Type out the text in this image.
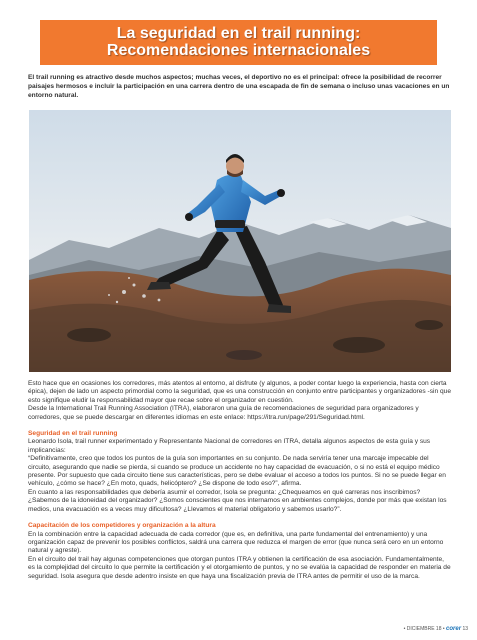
La seguridad en el trail running:
Recomendaciones internacionales
El trail running es atractivo desde muchos aspectos; muchas veces, el deportivo no es el principal: ofrece la posibilidad de recorrer paisajes hermosos e incluir la participación en una carrera dentro de una escapada de fin de semana o incluso unas vacaciones en un entorno natural.

Esto hace que en ocasiones los corredores, más atentos al entorno, al disfrute (y algunos, a poder contar luego la experiencia, hasta con cierta épica), dejen de lado un aspecto primordial como la seguridad, que es una construcción en conjunto entre participantes y organizadores -sin que esto signifique eludir la responsabilidad mayor que recae sobre el organizador en cuestión.

Desde la International Trail Running Association (ITRA), elaboraron una guía de recomendaciones de seguridad para organizadores y corredores, que se puede descargar en diferentes idiomas en este enlace: https://itra.run/page/291/Seguridad.html.

Seguridad en el trail running

Leonardo Isola, trail runner experimentado y Representante Nacional de corredores en ITRA, detalla algunos aspectos de esta guía y sus implicancias:

“Definitivamente, creo que todos los puntos de la guía son importantes en su conjunto. De nada serviría tener una marcaje impecable del circuito, asegurando que nadie se pierda, si cuando se produce un accidente no hay capacidad de evacuación, o si no está el equipo médico presente. Por supuesto que cada circuito tiene sus características, pero se debe evaluar el acceso a todos los puntos. Si no se puede llegar en vehículo, ¿cómo se hace? ¿En moto, quads, helicóptero? ¿Se dispone de todo eso?”, afirma.

En cuanto a las responsabilidades que debería asumir el corredor, Isola se pregunta: ¿Chequeamos en qué carreras nos inscribimos? ¿Sabemos de la idoneidad del organizador? ¿Somos conscientes que nos internamos en ambientes complejos, donde por más que existan los medios, una evacuación es a veces muy dificultosa? ¿Llevamos el material obligatorio y sabemos usarlo?”.

Capacitación de los competidores y organización a la altura

En la combinación entre la capacidad adecuada de cada corredor (que es, en definitiva, una parte fundamental del entrenamiento) y una organización capaz de prevenir los posibles conflictos, saldrá una carrera que reduzca el margen de error (que nunca será cero en un entorno natural y agreste).

En el circuito del trail hay algunas competenciones que otorgan puntos ITRA y obtienen la certificación de esa asociación. Fundamentalmente, es la complejidad del circuito lo que permite la certificación y el otorgamiento de puntos, y no se evalúa la capacidad de responder en materia de seguridad. Isola asegura que desde adentro insiste en que haya una fiscalización previa de ITRA antes de permitir el uso de la marca.

• DICIEMBRE 18 • corer 13
